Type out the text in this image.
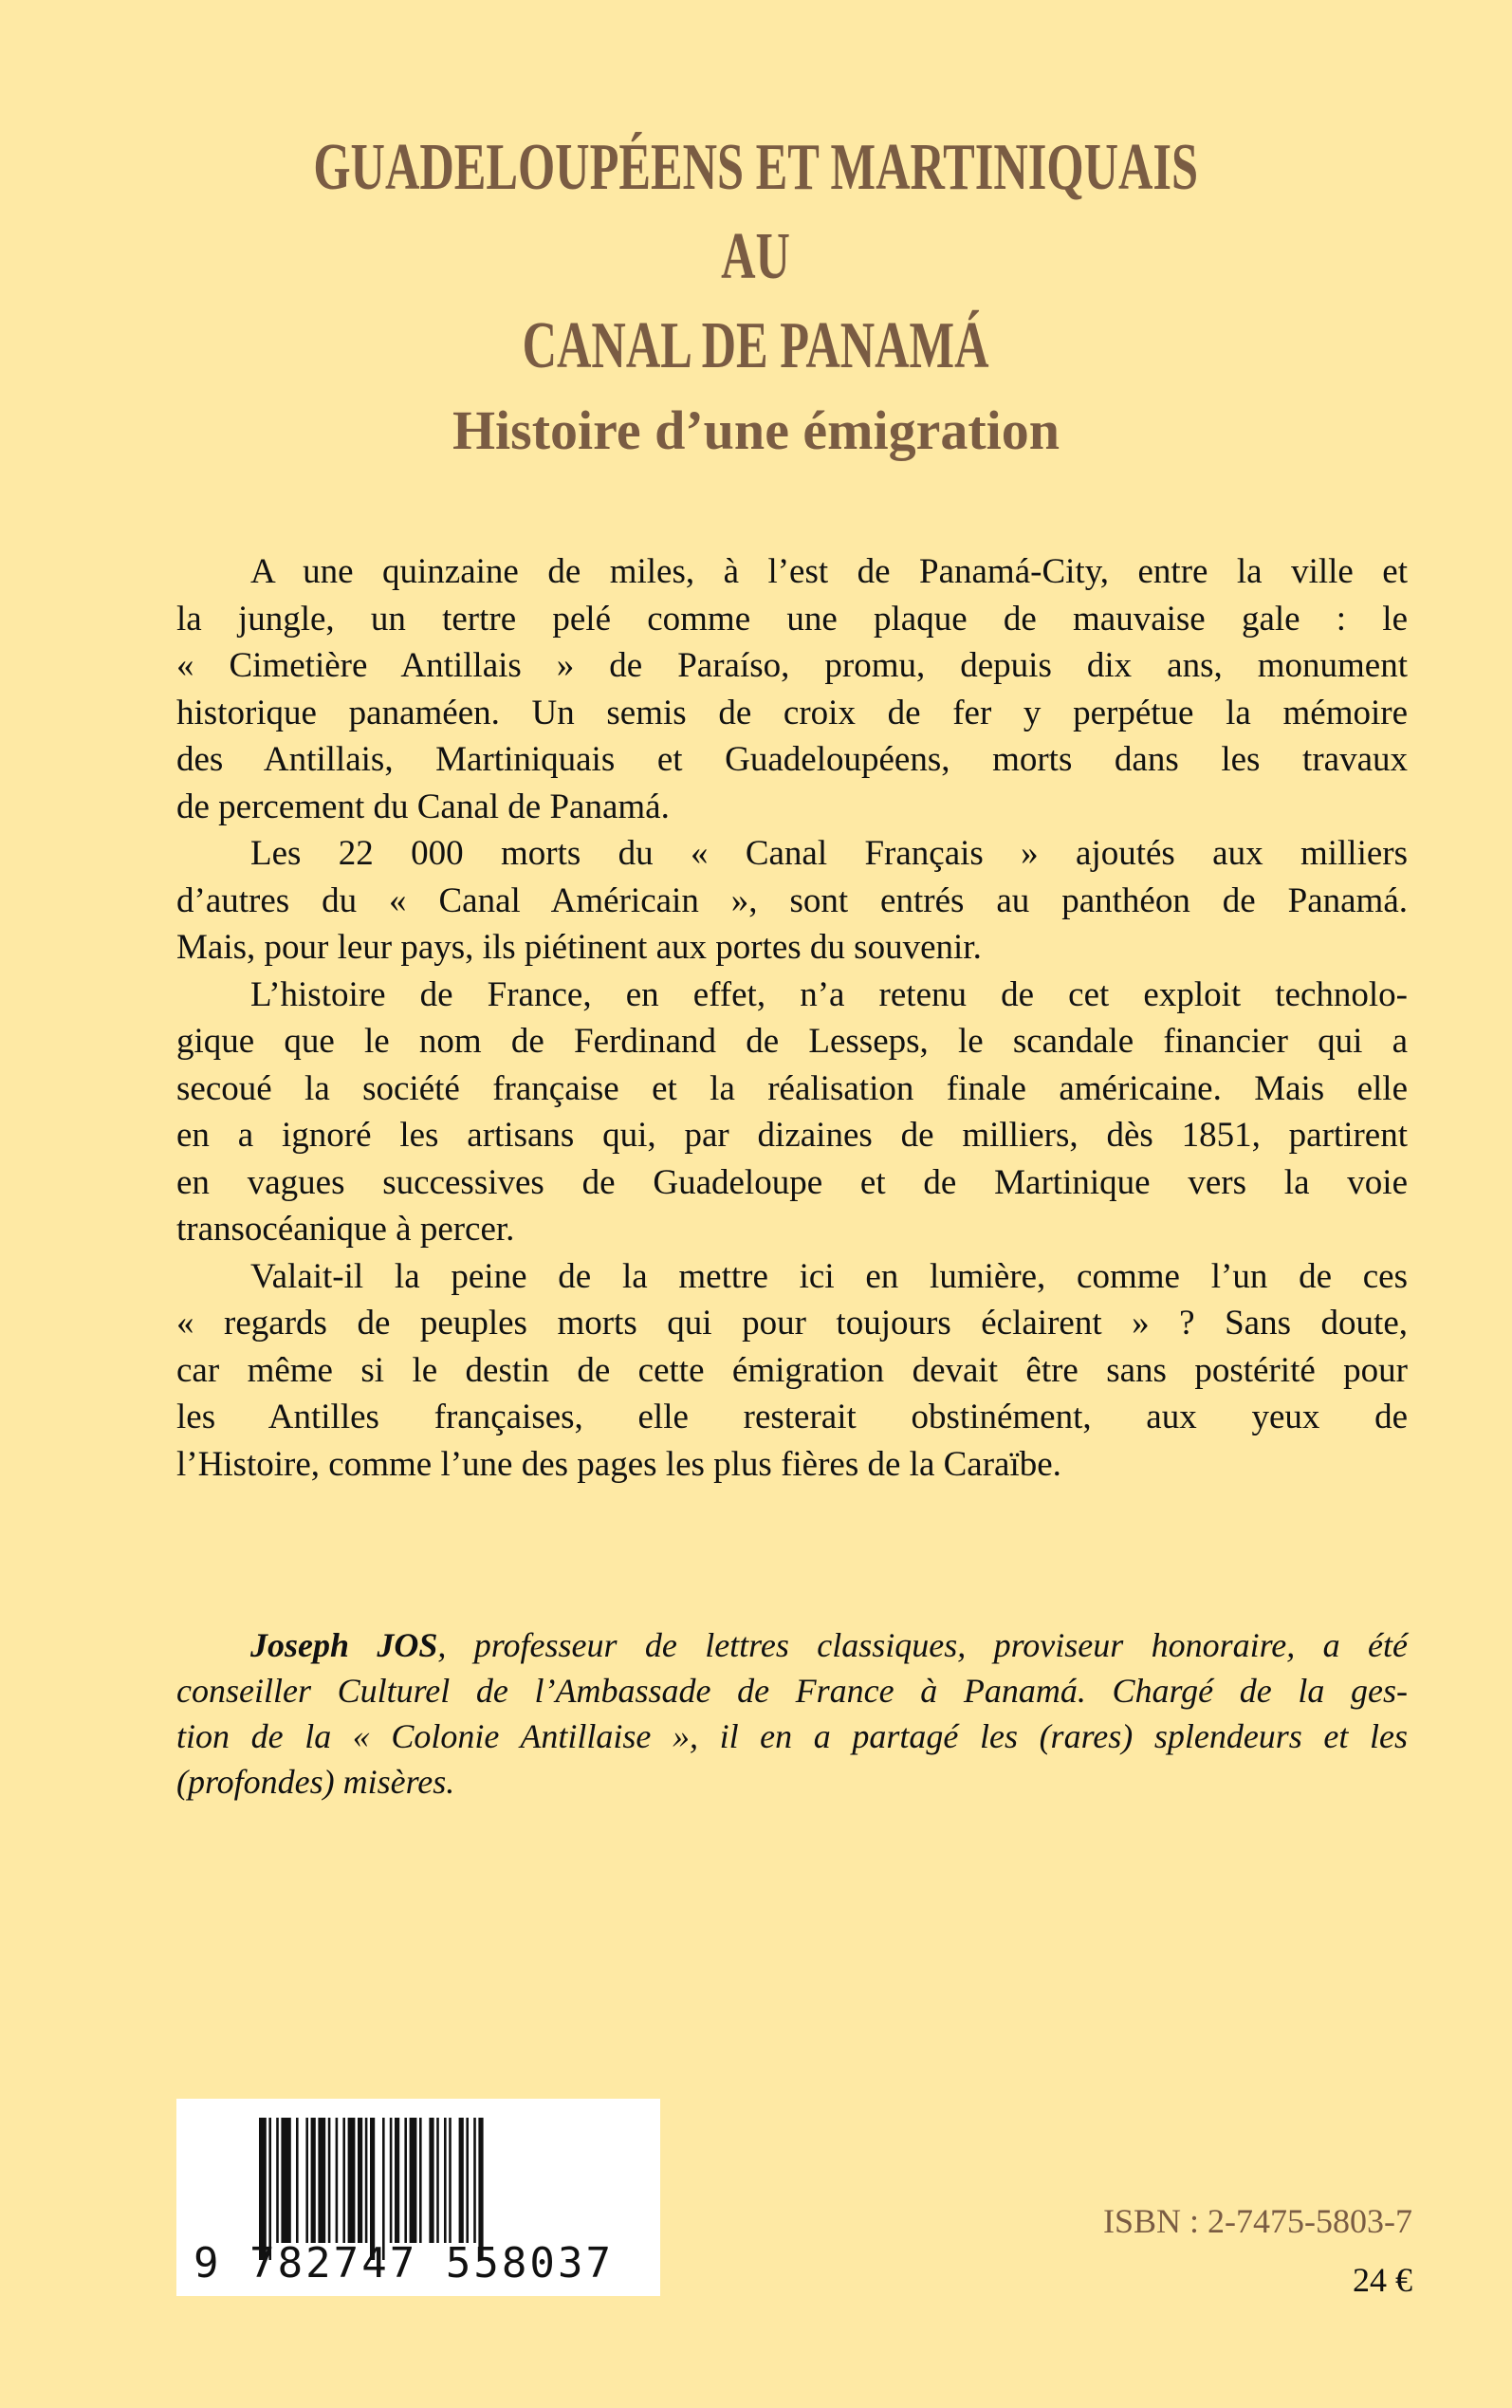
GUADELOUPÉENS ET MARTINIQUAIS
AU
CANAL DE PANAMÁ
Histoire d’une émigration
A une quinzaine de miles, à l’est de Panamá-City, entre la ville et
la jungle, un tertre pelé comme une plaque de mauvaise gale : le
« Cimetière Antillais » de Paraíso, promu, depuis dix ans, monument
historique panaméen. Un semis de croix de fer y perpétue la mémoire
des Antillais, Martiniquais et Guadeloupéens, morts dans les travaux
de percement du Canal de Panamá.
Les 22 000 morts du « Canal Français » ajoutés aux milliers
d’autres du « Canal Américain », sont entrés au panthéon de Panamá.
Mais, pour leur pays, ils piétinent aux portes du souvenir.
L’histoire de France, en effet, n’a retenu de cet exploit technolo-
gique que le nom de Ferdinand de Lesseps, le scandale financier qui a
secoué la société française et la réalisation finale américaine. Mais elle
en a ignoré les artisans qui, par dizaines de milliers, dès 1851, partirent
en vagues successives de Guadeloupe et de Martinique vers la voie
transocéanique à percer.
Valait-il la peine de la mettre ici en lumière, comme l’un de ces
« regards de peuples morts qui pour toujours éclairent » ? Sans doute,
car même si le destin de cette émigration devait être sans postérité pour
les Antilles françaises, elle resterait obstinément, aux yeux de
l’Histoire, comme l’une des pages les plus fières de la Caraïbe.
Joseph JOS, professeur de lettres classiques, proviseur honoraire, a été
conseiller Culturel de l’Ambassade de France à Panamá. Chargé de la ges-
tion de la « Colonie Antillaise », il en a partagé les (rares) splendeurs et les
(profondes) misères.
9 782747 558037
ISBN : 2-7475-5803-7
24 €
